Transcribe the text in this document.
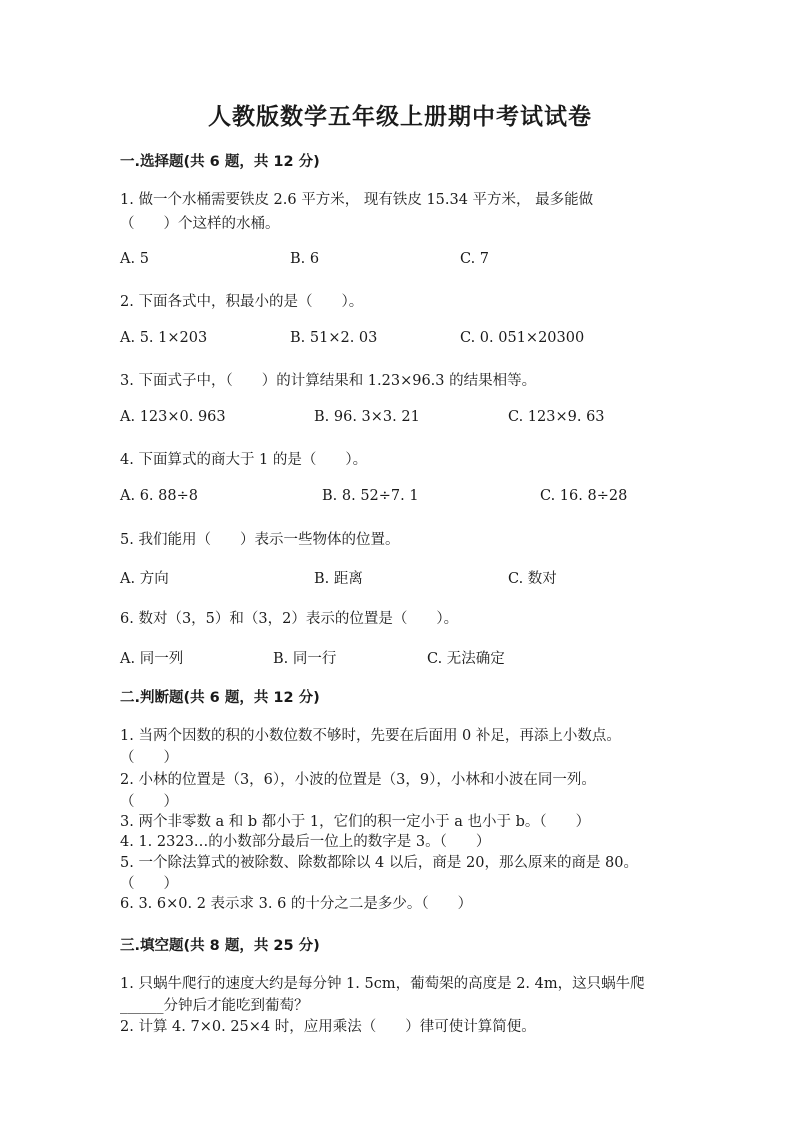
人教版数学五年级上册期中考试试卷
一.选择题(共 6 题，共 12 分)
1. 做一个水桶需要铁皮 2.6 平方米， 现有铁皮 15.34 平方米， 最多能做
（　　）个这样的水桶。
A. 5	B. 6	C. 7
2. 下面各式中，积最小的是（　　）。
A. 5. 1×203	B. 51×2. 03	C. 0. 051×20300
3. 下面式子中，（　　）的计算结果和 1.23×96.3 的结果相等。
A. 123×0. 963	B. 96. 3×3. 21	C. 123×9. 63
4. 下面算式的商大于 1 的是（　　）。
A. 6. 88÷8	B. 8. 52÷7. 1	C. 16. 8÷28
5. 我们能用（　　）表示一些物体的位置。
A. 方向	B. 距离	C. 数对
6. 数对（3，5）和（3，2）表示的位置是（　　）。
A. 同一列	B. 同一行	C. 无法确定
二.判断题(共 6 题，共 12 分)
1. 当两个因数的积的小数位数不够时，先要在后面用 0 补足，再添上小数点。
（　　）
2. 小林的位置是（3，6），小波的位置是（3，9），小林和小波在同一列。
（　　）
3. 两个非零数 a 和 b 都小于 1，它们的积一定小于 a 也小于 b。（　　）
4. 1. 2323…的小数部分最后一位上的数字是 3。（　　）
5. 一个除法算式的被除数、除数都除以 4 以后，商是 20，那么原来的商是 80。
（　　）
6. 3. 6×0. 2 表示求 3. 6 的十分之二是多少。（　　）
三.填空题(共 8 题，共 25 分)
1. 只蜗牛爬行的速度大约是每分钟 1. 5cm，葡萄架的高度是 2. 4m，这只蜗牛爬
______分钟后才能吃到葡萄？
2. 计算 4. 7×0. 25×4 时，应用乘法（　　）律可使计算简便。
